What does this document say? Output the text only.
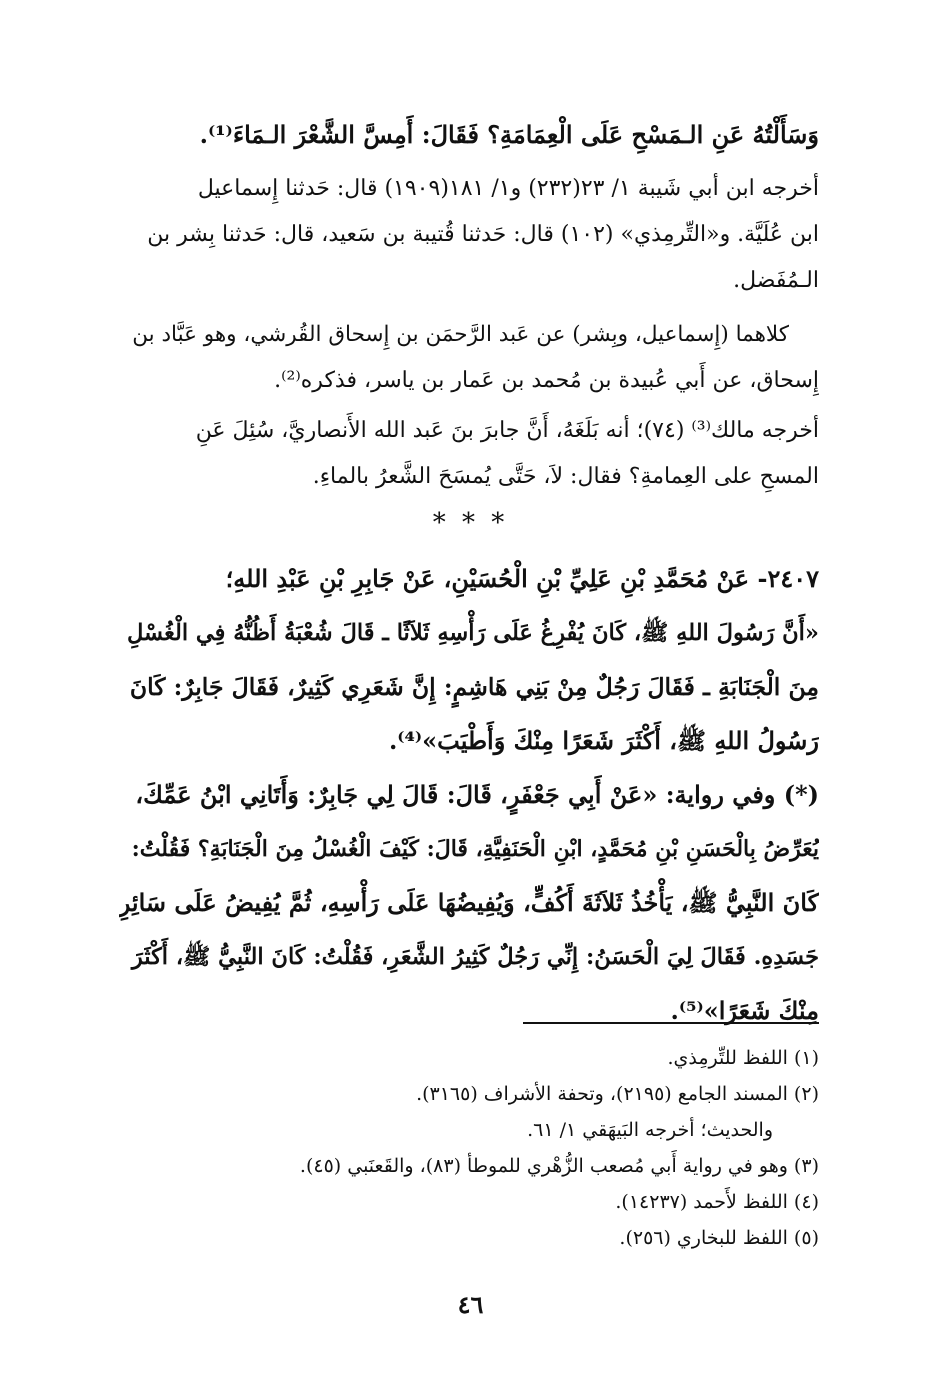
وَسَأَلْتُهُ عَنِ الـمَسْحِ عَلَى الْعِمَامَةِ؟ فَقَالَ: أَمِسَّ الشَّعْرَ الـمَاءَ⁽¹⁾.
أخرجه ابن أبي شَيبة ١/ ٢٣(٢٣٢) و١/ ١٨١(١٩٠٩) قال: حَدثنا إِسماعيل
ابن عُلَيَّة. و«التِّرمِذي» (١٠٢) قال: حَدثنا قُتيبة بن سَعيد، قال: حَدثنا بِشر بن
الـمُفَضل.
كلاهما (إِسماعيل، وبِشر) عن عَبد الرَّحمَن بن إِسحاق القُرشي، وهو عَبَّاد بن
إِسحاق، عن أَبي عُبيدة بن مُحمد بن عَمار بن ياسر، فذكره⁽²⁾.
أخرجه مالك⁽³⁾ (٧٤)؛ أنه بَلَغَهُ، أَنَّ جابرَ بنَ عَبد الله الأَنصاريَّ، سُئِلَ عَنِ
المسحِ على العِمامةِ؟ فقال: لاَ، حَتَّى يُمسَحَ الشَّعرُ بالماءِ.
* * *
٢٤٠٧- عَنْ مُحَمَّدِ بْنِ عَلِيِّ بْنِ الْحُسَيْنِ، عَنْ جَابِرِ بْنِ عَبْدِ اللهِ؛
«أَنَّ رَسُولَ اللهِ ﷺ، كَانَ يُفْرِغُ عَلَى رَأْسِهِ ثَلاَثًا ـ قَالَ شُعْبَةُ أَظُنُّهُ فِي الْغُسْلِ
مِنَ الْجَنَابَةِ ـ فَقَالَ رَجُلٌ مِنْ بَنِي هَاشِمٍ: إِنَّ شَعَرِي كَثِيرٌ، فَقَالَ جَابِرٌ: كَانَ
رَسُولُ اللهِ ﷺ، أَكْثَرَ شَعَرًا مِنْكَ وَأَطْيَبَ»⁽⁴⁾.
(*) وفي رواية: «عَنْ أَبِي جَعْفَرٍ، قَالَ: قَالَ لِي جَابِرٌ: وَأَتَانِي ابْنُ عَمِّكَ،
يُعَرِّضُ بِالْحَسَنِ بْنِ مُحَمَّدٍ، ابْنِ الْحَنَفِيَّةِ، قَالَ: كَيْفَ الْغُسْلُ مِنَ الْجَنَابَةِ؟ فَقُلْتُ:
كَانَ النَّبِيُّ ﷺ، يَأْخُذُ ثَلاَثَةَ أَكُفٍّ، وَيُفِيضُهَا عَلَى رَأْسِهِ، ثُمَّ يُفِيضُ عَلَى سَائِرِ
جَسَدِهِ. فَقَالَ لِيَ الْحَسَنُ: إِنِّي رَجُلٌ كَثِيرُ الشَّعَرِ، فَقُلْتُ: كَانَ النَّبِيُّ ﷺ، أَكْثَرَ
مِنْكَ شَعَرًا»⁽⁵⁾.
(١) اللفظ للتِّرمِذي.
(٢) المسند الجامع (٢١٩٥)، وتحفة الأشراف (٣١٦٥).
والحديث؛ أخرجه البَيهَقي ١/ ٦١.
(٣) وهو في رواية أَبي مُصعب الزُّهْري للموطأ (٨٣)، والقَعنَبي (٤٥).
(٤) اللفظ لأَحمد (١٤٢٣٧).
(٥) اللفظ للبخاري (٢٥٦).
٤٦
